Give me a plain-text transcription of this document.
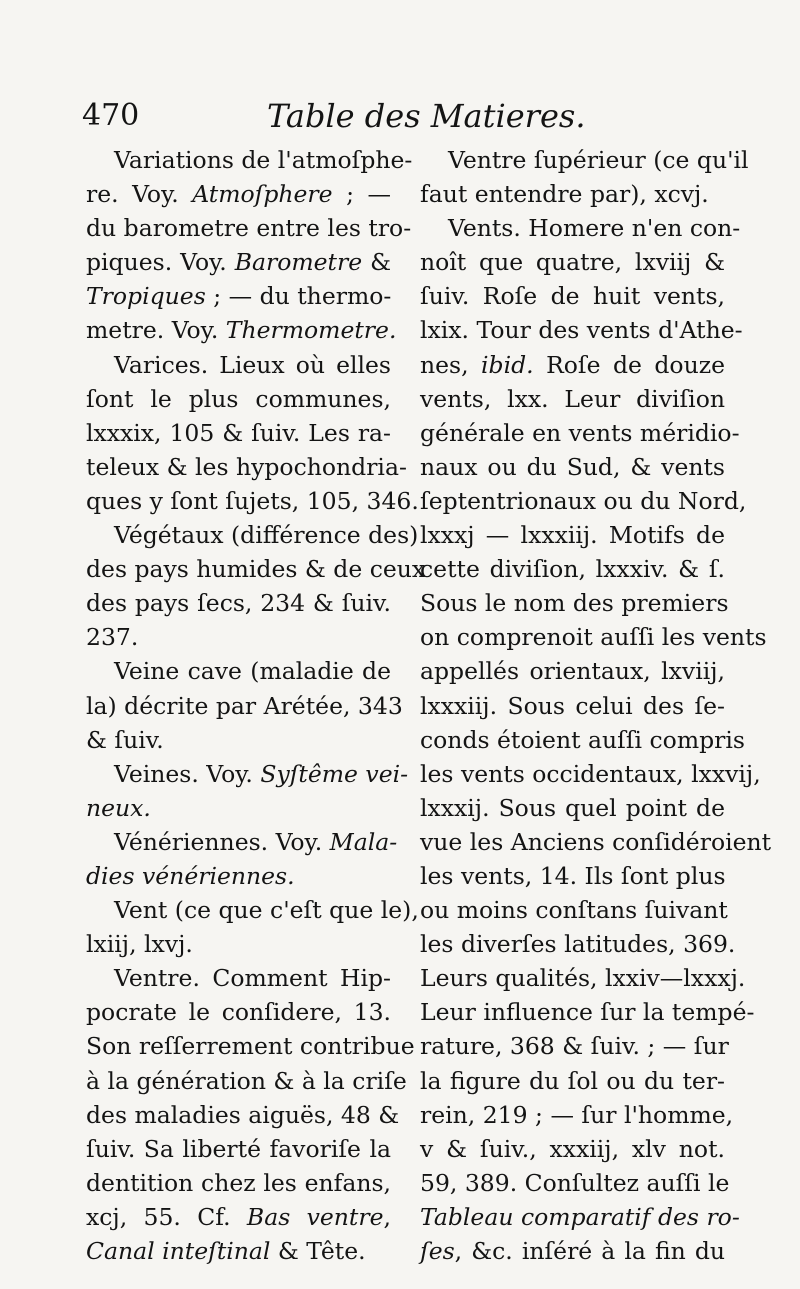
470	Table des Matieres.
Variations de l'atmoſphe-
re. Voy. Atmoſphere ; —
du barometre entre les tro-
piques. Voy. Barometre &
Tropiques ; — du thermo-
metre. Voy. Thermometre.
Varices. Lieux où elles
ſont le plus communes,
lxxxix, 105 & ſuiv. Les ra-
teleux & les hypochondria-
ques y ſont ſujets, 105, 346.
Végétaux (différence des)
des pays humides & de ceux
des pays ſecs, 234 & ſuiv.
237.
Veine cave (maladie de
la) décrite par Arétée, 343
& ſuiv.
Veines. Voy. Syſtême vei-
neux.
Vénériennes. Voy. Mala-
dies vénériennes.
Vent (ce que c'eſt que le),
lxiij, lxvj.
Ventre. Comment Hip-
pocrate le conſidere, 13.
Son reſſerrement contribue
à la génération & à la criſe
des maladies aiguës, 48 &
ſuiv. Sa liberté favoriſe la
dentition chez les enfans,
xcj, 55. Cf. Bas ventre,
Canal inteſtinal & Tête.
Ventre ſupérieur (ce qu'il
faut entendre par), xcvj.
Vents. Homere n'en con-
noît que quatre, lxviij &
ſuiv. Roſe de huit vents,
lxix. Tour des vents d'Athe-
nes, ibid. Roſe de douze
vents, lxx. Leur diviſion
générale en vents méridio-
naux ou du Sud, & vents
ſeptentrionaux ou du Nord,
lxxxj — lxxxiij. Motifs de
cette diviſion, lxxxiv. & ſ.
Sous le nom des premiers
on comprenoit auſſi les vents
appellés orientaux, lxviij,
lxxxiij. Sous celui des ſe-
conds étoient auſſi compris
les vents occidentaux, lxxvij,
lxxxij. Sous quel point de
vue les Anciens conſidéroient
les vents, 14. Ils ſont plus
ou moins conſtans ſuivant
les diverſes latitudes, 369.
Leurs qualités, lxxiv—lxxxj.
Leur influence ſur la tempé-
rature, 368 & ſuiv. ; — ſur
la figure du ſol ou du ter-
rein, 219 ; — ſur l'homme,
v & ſuiv., xxxiij, xlv not.
59, 389. Conſultez auſſi le
Tableau comparatif des ro-
ſes, &c. inſéré à la fin du
